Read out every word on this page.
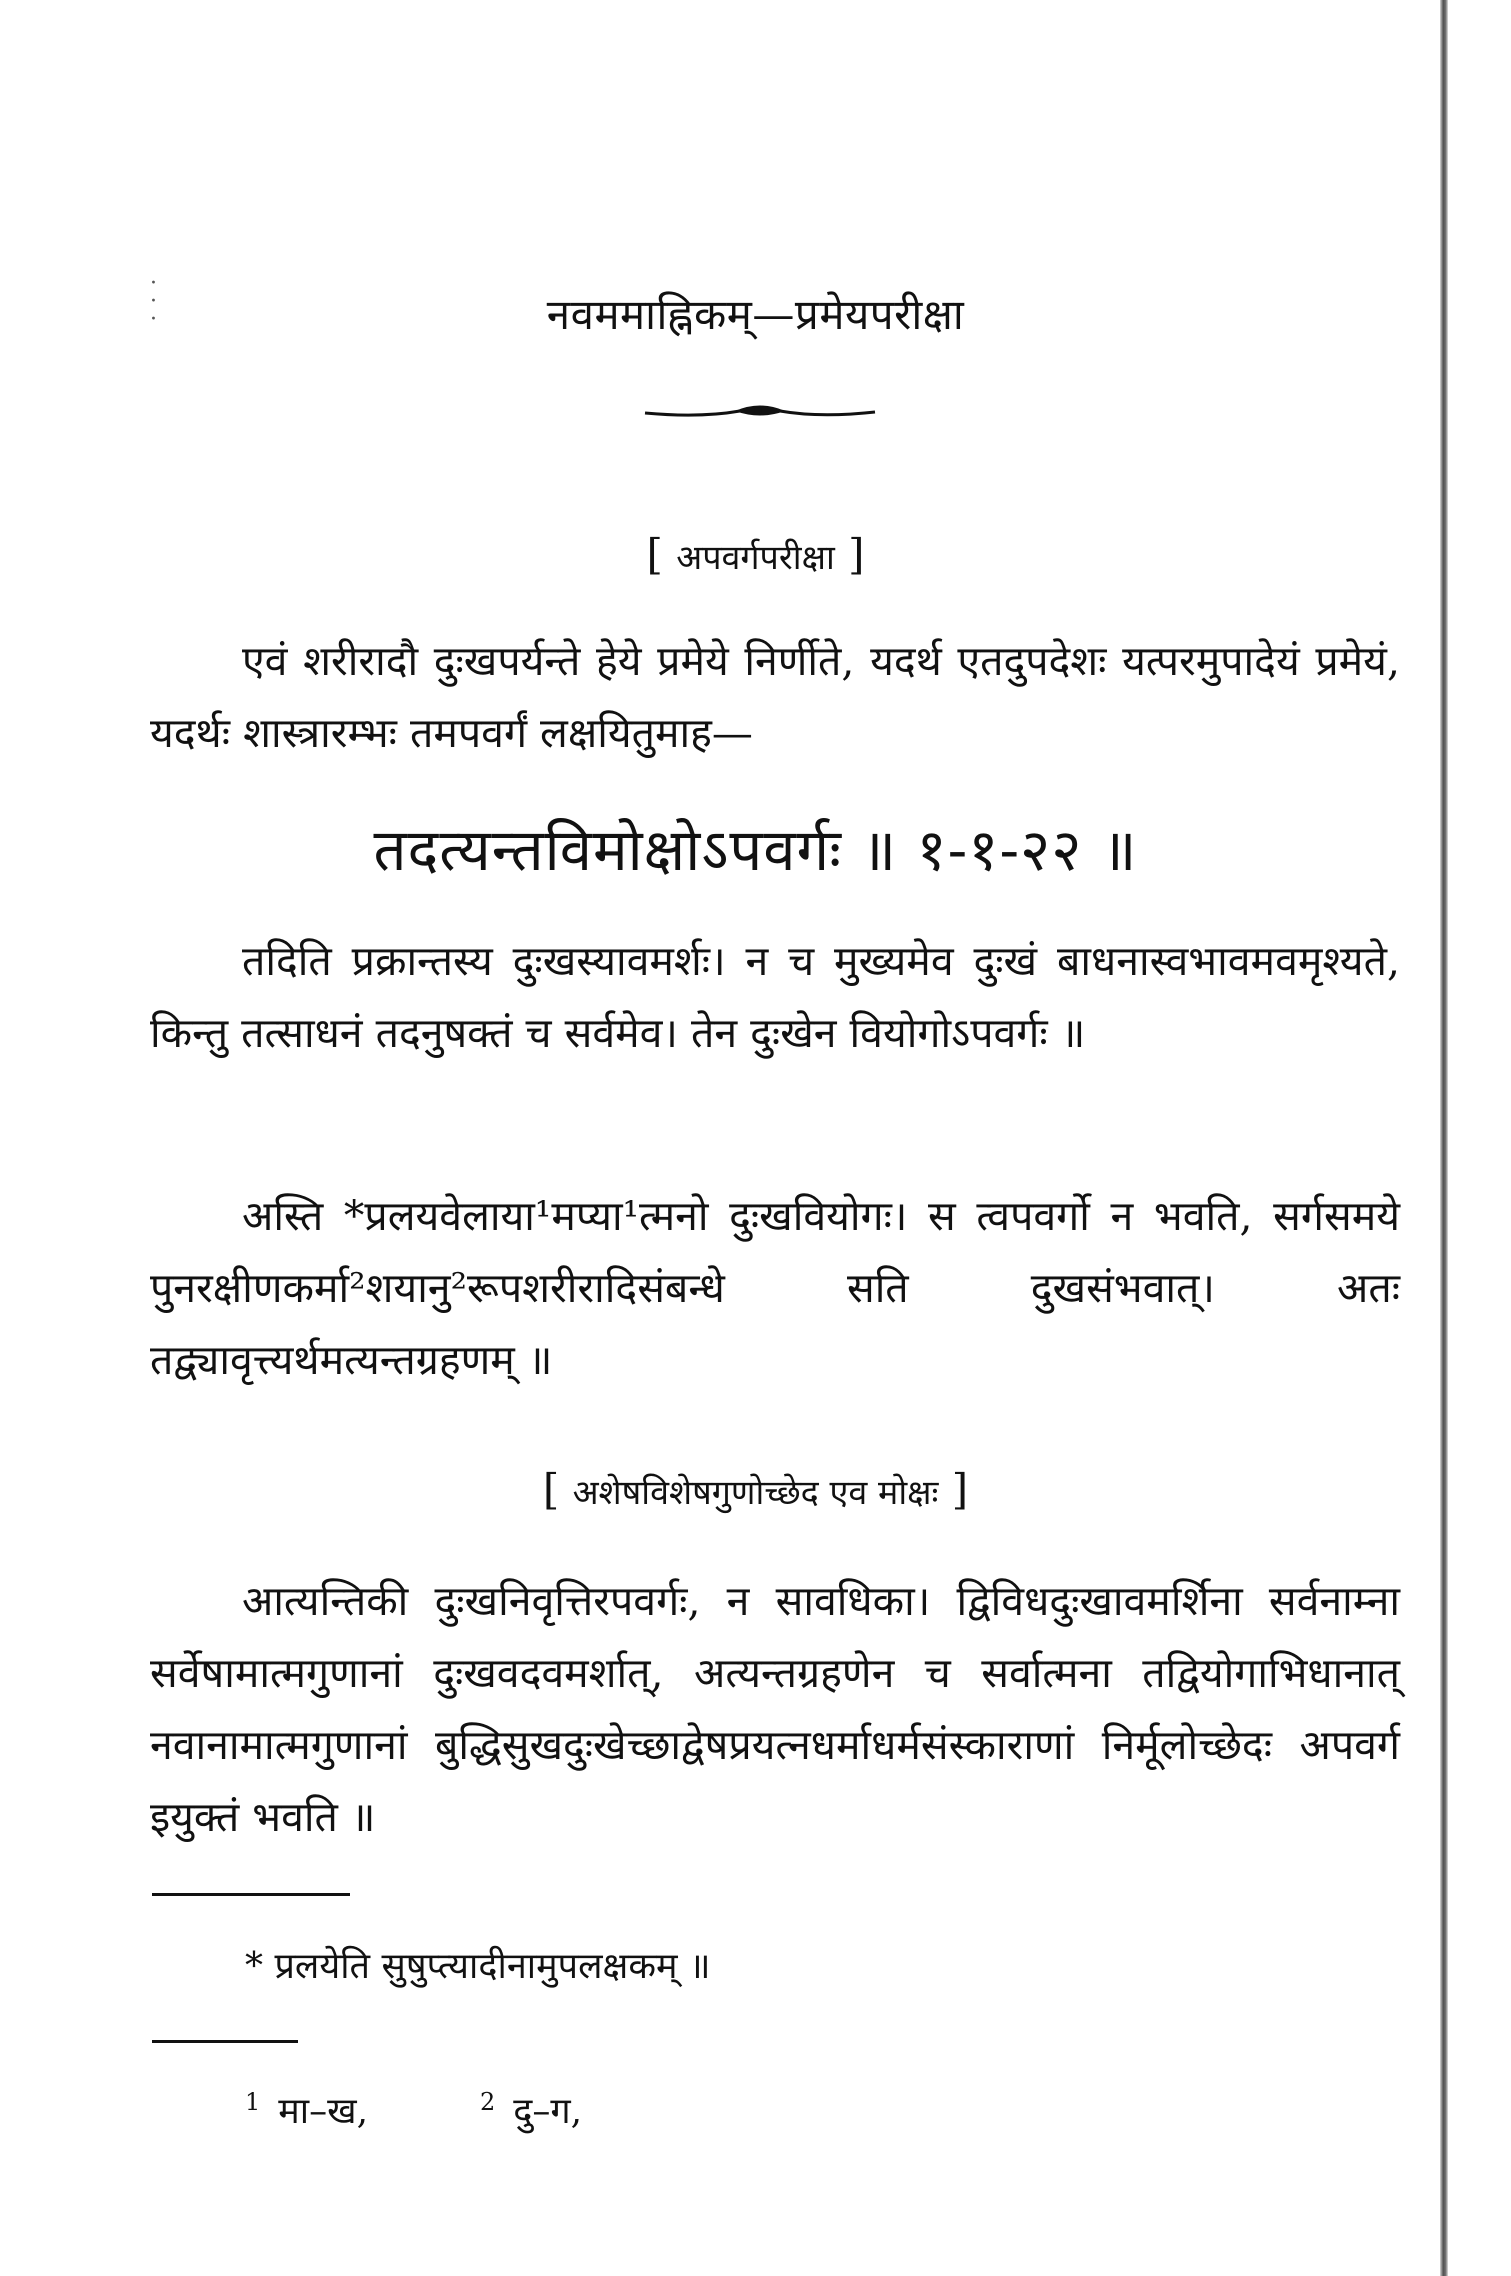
·
·
·	नवममाह्निकम्—प्रमेयपरीक्षा
[ अपवर्गपरीक्षा ]

एवं शरीरादौ दुःखपर्यन्ते हेये प्रमेये निर्णीते, यदर्थ एतदुपदेशः यत्परमुपादेयं प्रमेयं, यदर्थः शास्त्रारम्भः तमपवर्गं लक्षयितुमाह—

तदत्यन्तविमोक्षोऽपवर्गः ॥ १-१-२२ ॥

तदिति प्रक्रान्तस्य दुःखस्यावमर्शः। न च मुख्यमेव दुःखं बाधनास्वभावमवमृश्यते, किन्तु तत्साधनं तदनुषक्तं च सर्वमेव। तेन दुःखेन वियोगोऽपवर्गः ॥

अस्ति *प्रलयवेलाया¹मप्या¹त्मनो दुःखवियोगः। स त्वपवर्गो न भवति, सर्गसमये पुनरक्षीणकर्मा²शयानु²रूपशरीरादिसंबन्धे सति दुखसंभवात्। अतः तद्व्यावृत्त्यर्थमत्यन्तग्रहणम् ॥

[ अशेषविशेषगुणोच्छेद एव मोक्षः ]

आत्यन्तिकी दुःखनिवृत्तिरपवर्गः, न सावधिका। द्विविधदुःखावमर्शिना सर्वनाम्ना सर्वेषामात्मगुणानां दुःखवदवमर्शात्, अत्यन्तग्रहणेन च सर्वात्मना तद्वियोगाभिधानात् नवानामात्मगुणानां बुद्धिसुखदुःखेच्छाद्वेषप्रयत्नधर्माधर्मसंस्काराणां निर्मूलोच्छेदः अपवर्ग इयुक्तं भवति ॥

* प्रलयेति सुषुप्त्यादीनामुपलक्षकम् ॥
$^1$ मा–ख,	$^2$ दु–ग,
